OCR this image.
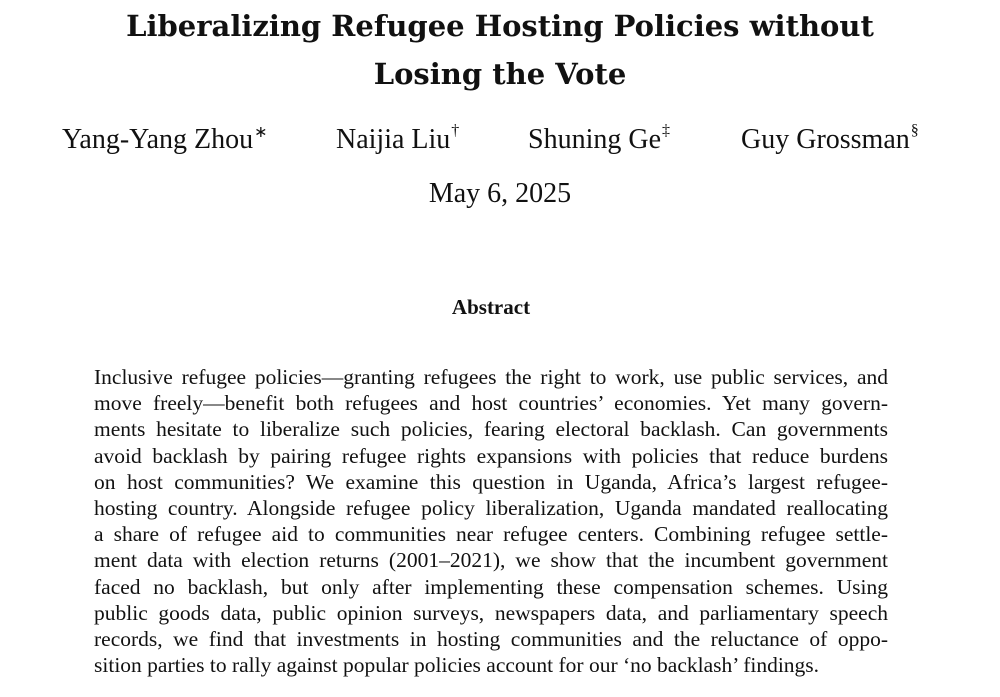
Liberalizing Refugee Hosting Policies without
Losing the Vote
Yang-Yang Zhou∗ Naijia Liu† Shuning Ge‡	Guy Grossman§
May 6, 2025
Abstract
Inclusive refugee policies—granting refugees the right to work, use public services, and
move freely—benefit both refugees and host countries’ economies. Yet many govern-
ments hesitate to liberalize such policies, fearing electoral backlash. Can governments
avoid backlash by pairing refugee rights expansions with policies that reduce burdens
on host communities? We examine this question in Uganda, Africa’s largest refugee-
hosting country. Alongside refugee policy liberalization, Uganda mandated reallocating
a share of refugee aid to communities near refugee centers. Combining refugee settle-
ment data with election returns (2001–2021), we show that the incumbent government
faced no backlash, but only after implementing these compensation schemes. Using
public goods data, public opinion surveys, newspapers data, and parliamentary speech
records, we find that investments in hosting communities and the reluctance of oppo-
sition parties to rally against popular policies account for our ‘no backlash’ findings.
